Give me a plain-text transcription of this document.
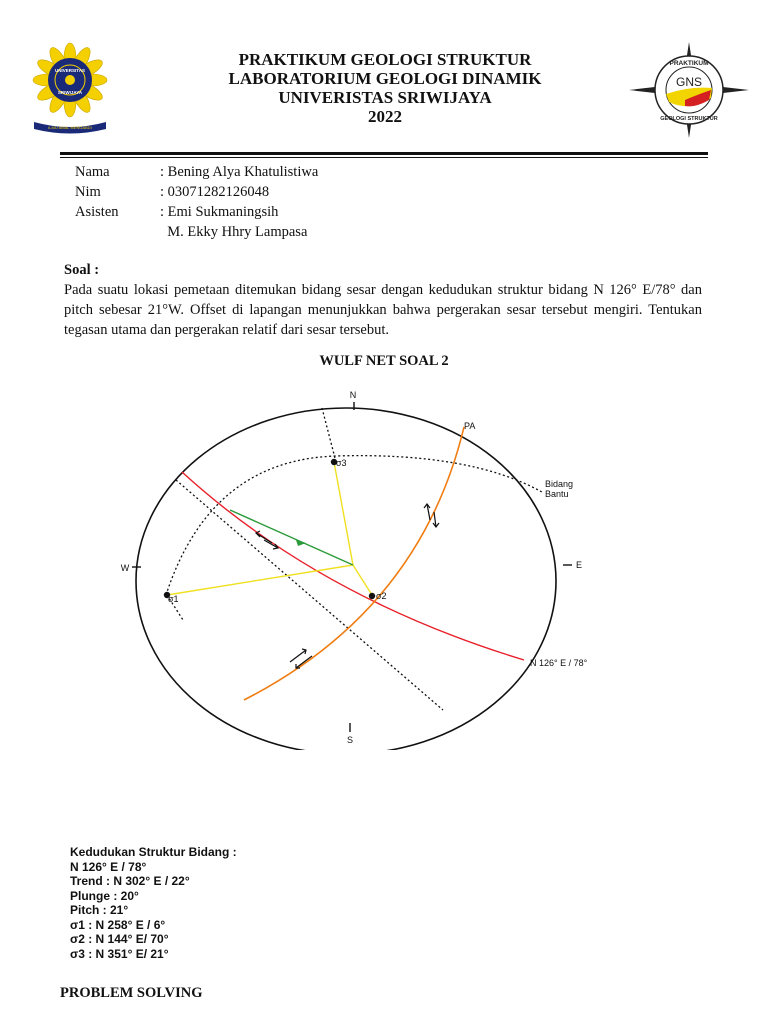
UNIVERSITAS
SRIWIJAYA
ILMU AMAL MENGABDI
PRAKTIKUM GEOLOGI STRUKTUR
LABORATORIUM GEOLOGI DINAMIK
UNIVERISTAS SRIWIJAYA
2022
GNS
PRAKTIKUM
GEOLOGI STRUKTUR
Nama	: Bening Alya Khatulistiwa
Nim	: 03071282126048
Asisten	: Emi Sukmaningsih
M. Ekky Hhry Lampasa
Soal :
Pada suatu lokasi pemetaan ditemukan bidang sesar dengan kedudukan struktur bidang N 126° E/78° dan pitch sebesar 21°W. Offset di lapangan menunjukkan bahwa pergerakan sesar tersebut mengiri. Tentukan tegasan utama dan pergerakan relatif dari sesar tersebut.
WULF NET SOAL 2
N
S
W	E
σ1	σ2
σ3
PA
Bidang
Bantu
N 126° E / 78°
Kedudukan Struktur Bidang :
N 126° E / 78°
Trend : N 302° E / 22°
Plunge : 20°
Pitch : 21°
σ1 : N 258° E / 6°
σ2 : N 144° E/ 70°
σ3 : N 351° E/ 21°
PROBLEM SOLVING
